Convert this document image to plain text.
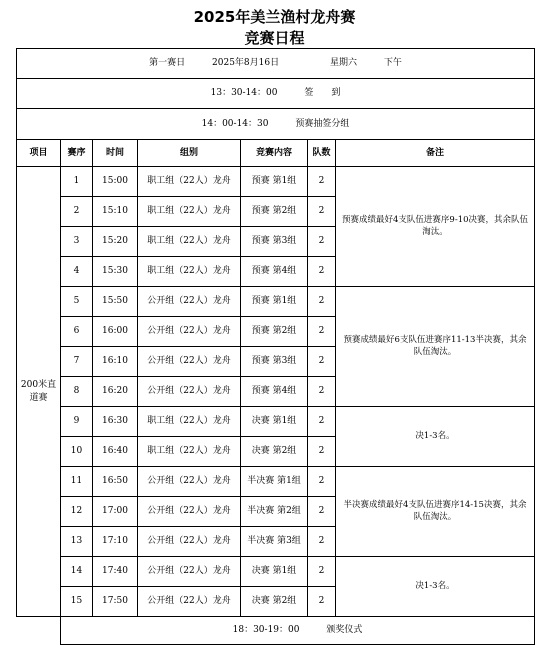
2025年美兰渔村龙舟赛
竞赛日程
第一赛日 2025年8月16日 星期六 下午						
13：30-14：00 签　　到						
14：00-14：30 预赛抽签分组						
项目	赛序	时间	组别	竞赛内容	队数	备注
200米直道赛	1	15:00	职工组（22人）龙舟	预赛 第1组	2	预赛成绩最好4支队伍进赛序9-10决赛，其余队伍淘汰。
	2	15:10	职工组（22人）龙舟	预赛 第2组	2	
	3	15:20	职工组（22人）龙舟	预赛 第3组	2	
	4	15:30	职工组（22人）龙舟	预赛 第4组	2	
	5	15:50	公开组（22人）龙舟	预赛 第1组	2	预赛成绩最好6支队伍进赛序11-13半决赛，其余队伍淘汰。
	6	16:00	公开组（22人）龙舟	预赛 第2组	2	
	7	16:10	公开组（22人）龙舟	预赛 第3组	2	
	8	16:20	公开组（22人）龙舟	预赛 第4组	2	
	9	16:30	职工组（22人）龙舟	决赛 第1组	2	决1-3名。
	10	16:40	职工组（22人）龙舟	决赛 第2组	2	
	11	16:50	公开组（22人）龙舟	半决赛 第1组	2	半决赛成绩最好4支队伍进赛序14-15决赛，其余队伍淘汰。
	12	17:00	公开组（22人）龙舟	半决赛 第2组	2	
	13	17:10	公开组（22人）龙舟	半决赛 第3组	2	
	14	17:40	公开组（22人）龙舟	决赛 第1组	2	决1-3名。
	15	17:50	公开组（22人）龙舟	决赛 第2组	2	
	18：30-19：00 颁奖仪式					
